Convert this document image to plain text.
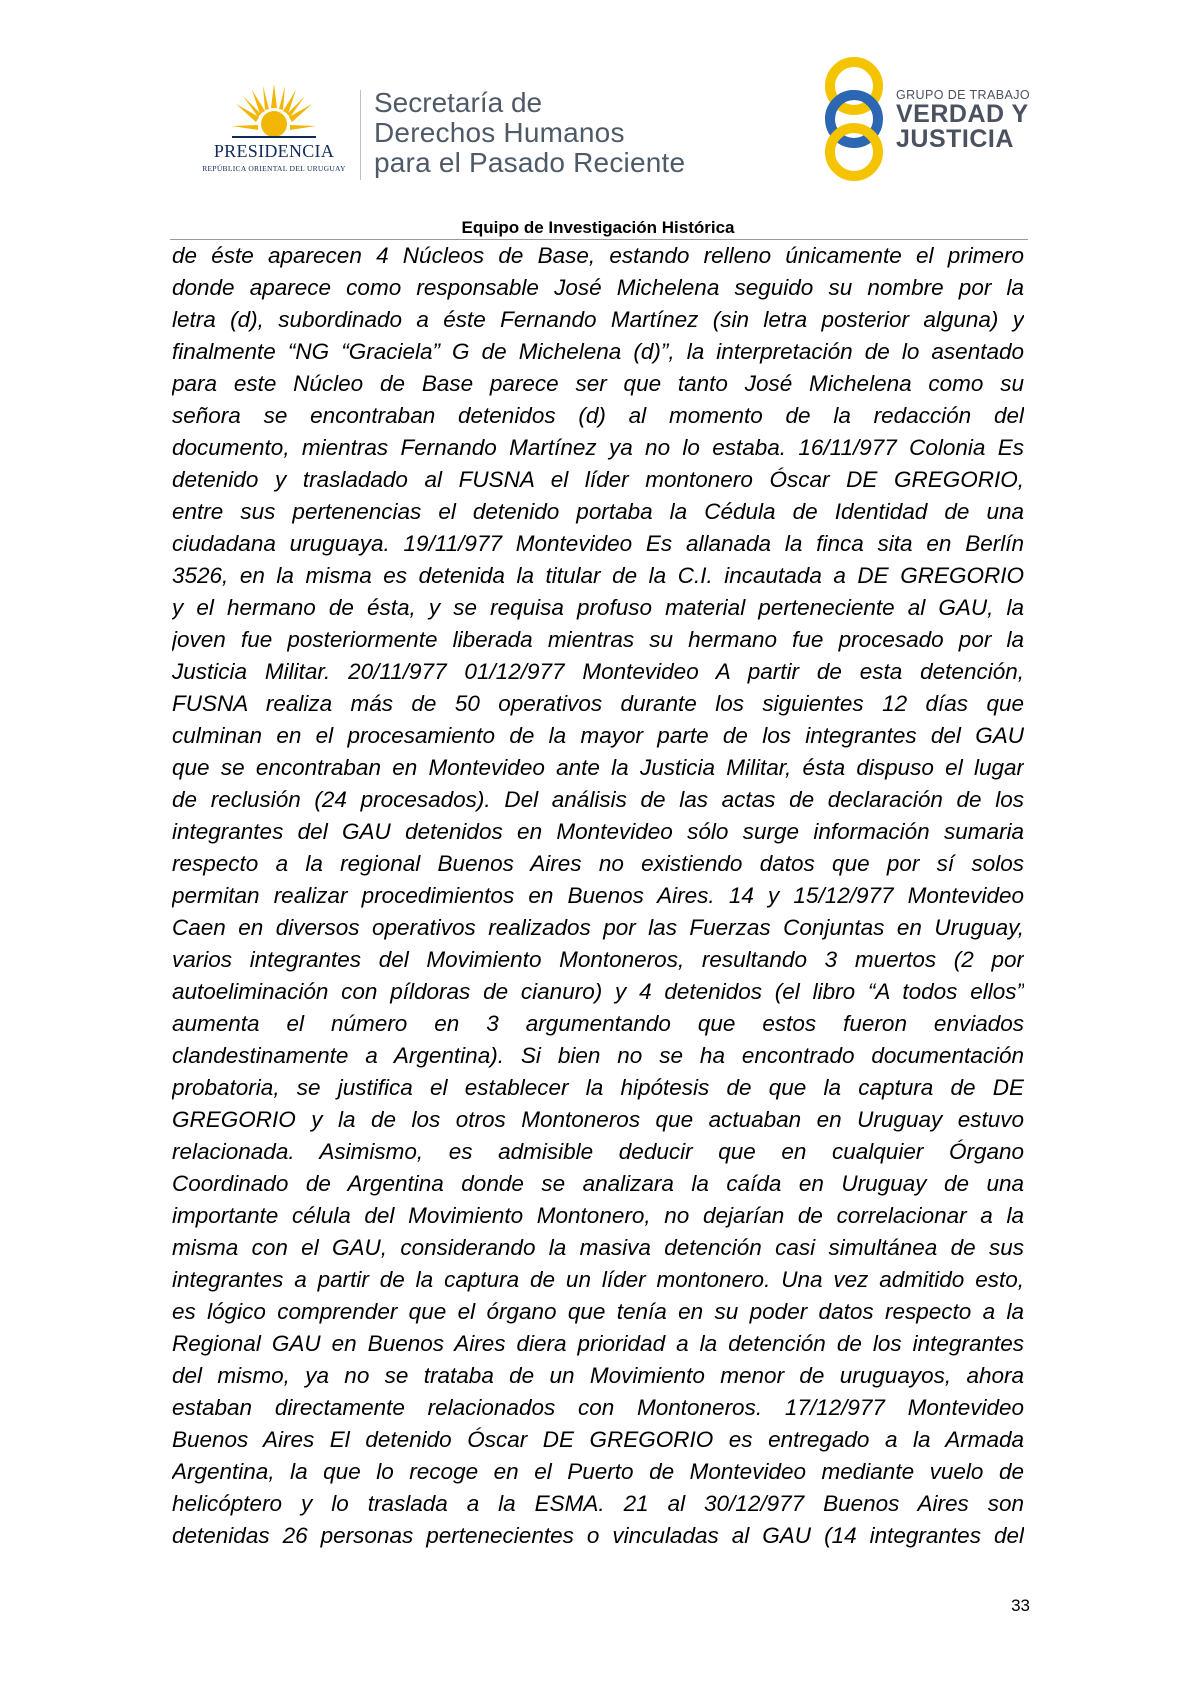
PRESIDENCIA
REPÚBLICA ORIENTAL DEL URUGUAY
Secretaría de
Derechos Humanos
para el Pasado Reciente
GRUPO DE TRABAJO
VERDAD Y
JUSTICIA
Equipo de Investigación Histórica
de éste aparecen 4 Núcleos de Base, estando relleno únicamente el primero
donde aparece como responsable José Michelena seguido su nombre por la
letra (d), subordinado a éste Fernando Martínez (sin letra posterior alguna) y
finalmente “NG “Graciela” G de Michelena (d)”, la interpretación de lo asentado
para este Núcleo de Base parece ser que tanto José Michelena como su
señora se encontraban detenidos (d) al momento de la redacción del
documento, mientras Fernando Martínez ya no lo estaba. 16/11/977 Colonia Es
detenido y trasladado al FUSNA el líder montonero Óscar DE GREGORIO,
entre sus pertenencias el detenido portaba la Cédula de Identidad de una
ciudadana uruguaya. 19/11/977 Montevideo Es allanada la finca sita en Berlín
3526, en la misma es detenida la titular de la C.I. incautada a DE GREGORIO
y el hermano de ésta, y se requisa profuso material perteneciente al GAU, la
joven fue posteriormente liberada mientras su hermano fue procesado por la
Justicia Militar. 20/11/977 01/12/977 Montevideo A partir de esta detención,
FUSNA realiza más de 50 operativos durante los siguientes 12 días que
culminan en el procesamiento de la mayor parte de los integrantes del GAU
que se encontraban en Montevideo ante la Justicia Militar, ésta dispuso el lugar
de reclusión (24 procesados). Del análisis de las actas de declaración de los
integrantes del GAU detenidos en Montevideo sólo surge información sumaria
respecto a la regional Buenos Aires no existiendo datos que por sí solos
permitan realizar procedimientos en Buenos Aires. 14 y 15/12/977 Montevideo
Caen en diversos operativos realizados por las Fuerzas Conjuntas en Uruguay,
varios integrantes del Movimiento Montoneros, resultando 3 muertos (2 por
autoeliminación con píldoras de cianuro) y 4 detenidos (el libro “A todos ellos”
aumenta el número en 3 argumentando que estos fueron enviados
clandestinamente a Argentina). Si bien no se ha encontrado documentación
probatoria, se justifica el establecer la hipótesis de que la captura de DE
GREGORIO y la de los otros Montoneros que actuaban en Uruguay estuvo
relacionada. Asimismo, es admisible deducir que en cualquier Órgano
Coordinado de Argentina donde se analizara la caída en Uruguay de una
importante célula del Movimiento Montonero, no dejarían de correlacionar a la
misma con el GAU, considerando la masiva detención casi simultánea de sus
integrantes a partir de la captura de un líder montonero. Una vez admitido esto,
es lógico comprender que el órgano que tenía en su poder datos respecto a la
Regional GAU en Buenos Aires diera prioridad a la detención de los integrantes
del mismo, ya no se trataba de un Movimiento menor de uruguayos, ahora
estaban directamente relacionados con Montoneros. 17/12/977 Montevideo
Buenos Aires El detenido Óscar DE GREGORIO es entregado a la Armada
Argentina, la que lo recoge en el Puerto de Montevideo mediante vuelo de
helicóptero y lo traslada a la ESMA. 21 al 30/12/977 Buenos Aires son
detenidas 26 personas pertenecientes o vinculadas al GAU (14 integrantes del
33
